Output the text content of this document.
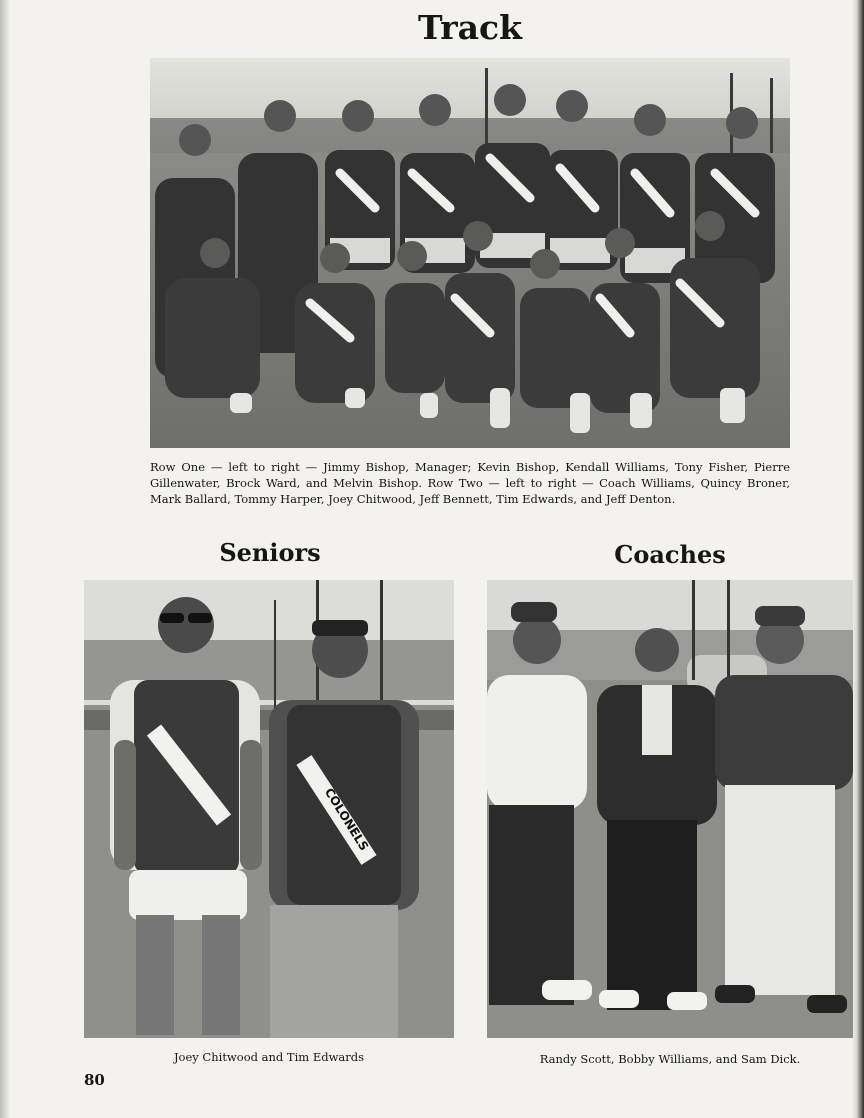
Track

Row One — left to right — Jimmy Bishop, Manager; Kevin Bishop, Kendall Williams, Tony Fisher, Pierre Gillenwater, Brock Ward, and Melvin Bishop. Row Two — left to right — Coach Williams, Quincy Broner, Mark Ballard, Tommy Harper, Joey Chitwood, Jeff Bennett, Tim Edwards, and Jeff Denton.

Seniors	Coaches
COLONELS

Joey Chitwood and Tim Edwards	Randy Scott, Bobby Williams, and Sam Dick.

80
